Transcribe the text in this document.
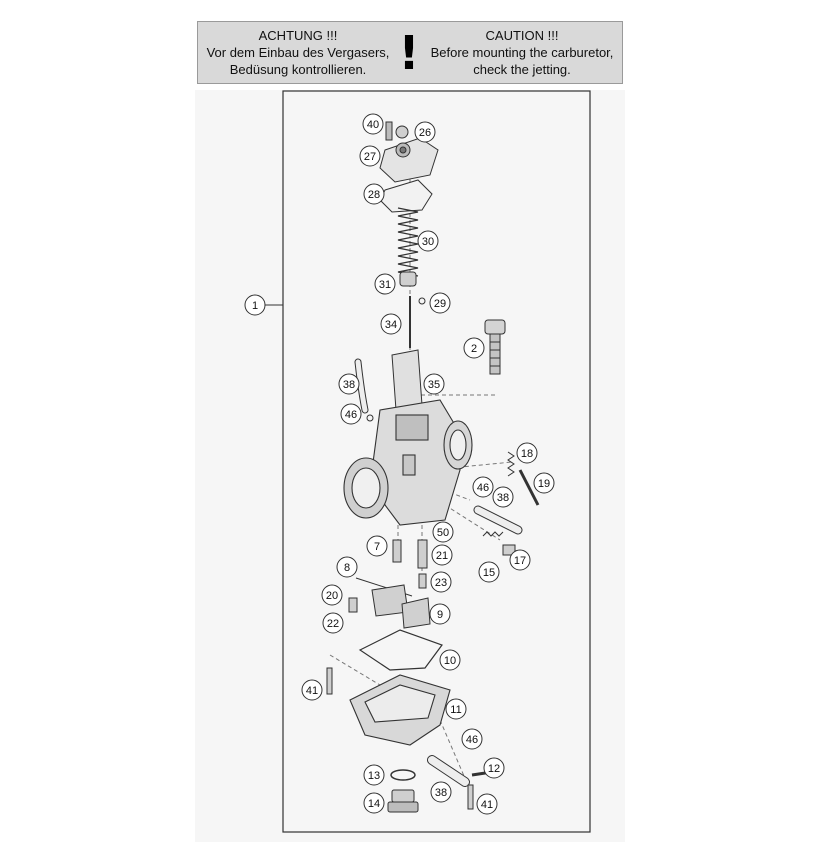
ACHTUNG !!!
Vor dem Einbau des Vergasers,
Bedüsung kontrollieren. !	CAUTION !!!
Before mounting the carburetor,
check the jetting.
1
40
26
27
28
30
31
29
34
2
35
38
46
18
19
46
38
50
7
21
15
17
8
23
20
9
22
10
41
11
46
12
13
38
14	41
